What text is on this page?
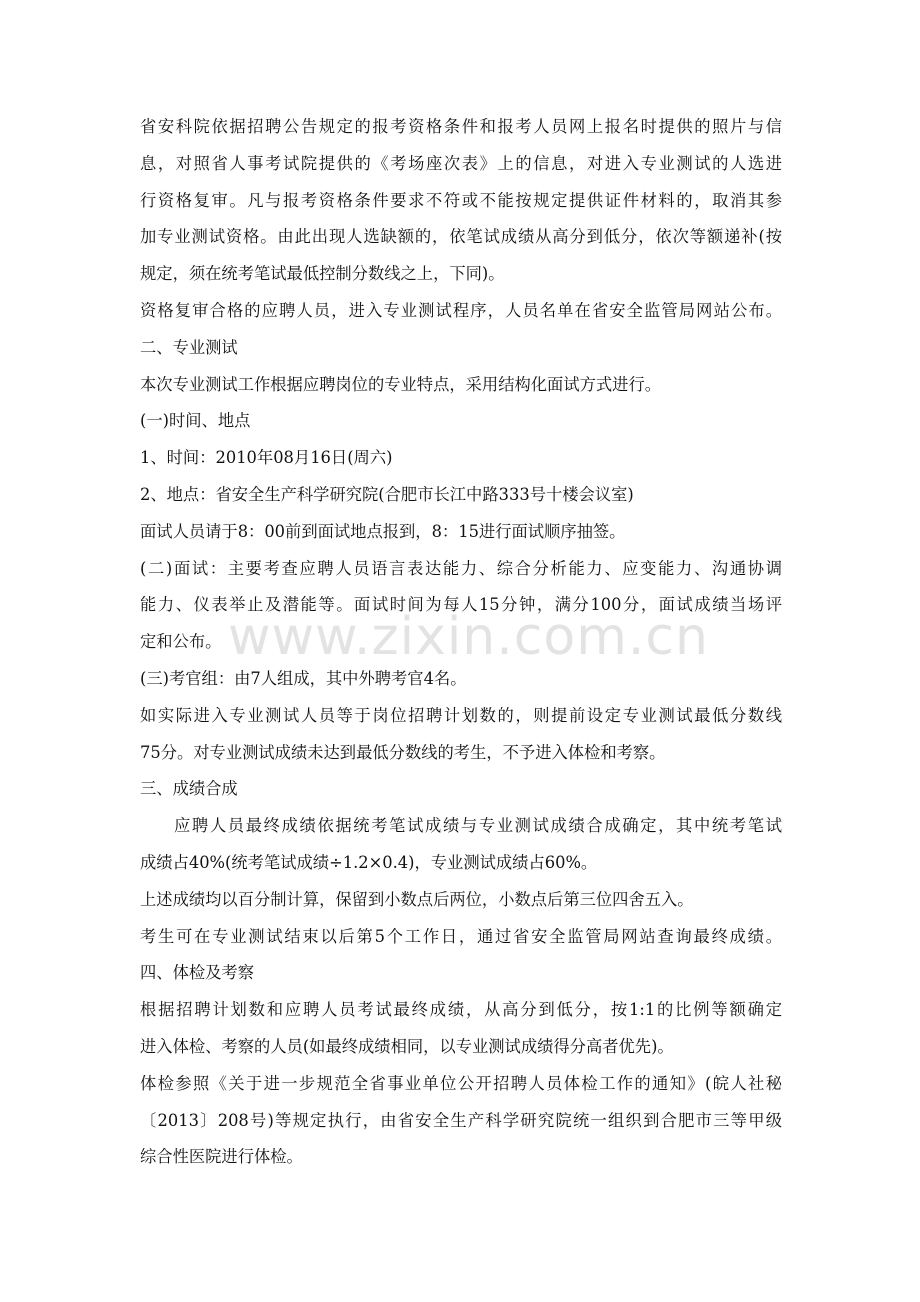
www.zixin.com.cn
省安科院依据招聘公告规定的报考资格条件和报考人员网上报名时提供的照片与信
息，对照省人事考试院提供的《考场座次表》上的信息，对进入专业测试的人选进
行资格复审。凡与报考资格条件要求不符或不能按规定提供证件材料的，取消其参
加专业测试资格。由此出现人选缺额的，依笔试成绩从高分到低分，依次等额递补(按
规定，须在统考笔试最低控制分数线之上，下同)。
资格复审合格的应聘人员，进入专业测试程序，人员名单在省安全监管局网站公布。
二、专业测试
本次专业测试工作根据应聘岗位的专业特点，采用结构化面试方式进行。
(一)时间、地点
1、时间：2010年08月16日(周六)
2、地点：省安全生产科学研究院(合肥市长江中路333号十楼会议室)
面试人员请于8：00前到面试地点报到，8：15进行面试顺序抽签。
(二)面试：主要考查应聘人员语言表达能力、综合分析能力、应变能力、沟通协调
能力、仪表举止及潜能等。面试时间为每人15分钟，满分100分，面试成绩当场评
定和公布。
(三)考官组：由7人组成，其中外聘考官4名。
如实际进入专业测试人员等于岗位招聘计划数的，则提前设定专业测试最低分数线
75分。对专业测试成绩未达到最低分数线的考生，不予进入体检和考察。
三、成绩合成
应聘人员最终成绩依据统考笔试成绩与专业测试成绩合成确定，其中统考笔试
成绩占40%(统考笔试成绩÷1.2×0.4)，专业测试成绩占60%。
上述成绩均以百分制计算，保留到小数点后两位，小数点后第三位四舍五入。
考生可在专业测试结束以后第5个工作日，通过省安全监管局网站查询最终成绩。
四、体检及考察
根据招聘计划数和应聘人员考试最终成绩，从高分到低分，按1:1的比例等额确定
进入体检、考察的人员(如最终成绩相同，以专业测试成绩得分高者优先)。
体检参照《关于进一步规范全省事业单位公开招聘人员体检工作的通知》(皖人社秘
〔2013〕208号)等规定执行，由省安全生产科学研究院统一组织到合肥市三等甲级
综合性医院进行体检。
